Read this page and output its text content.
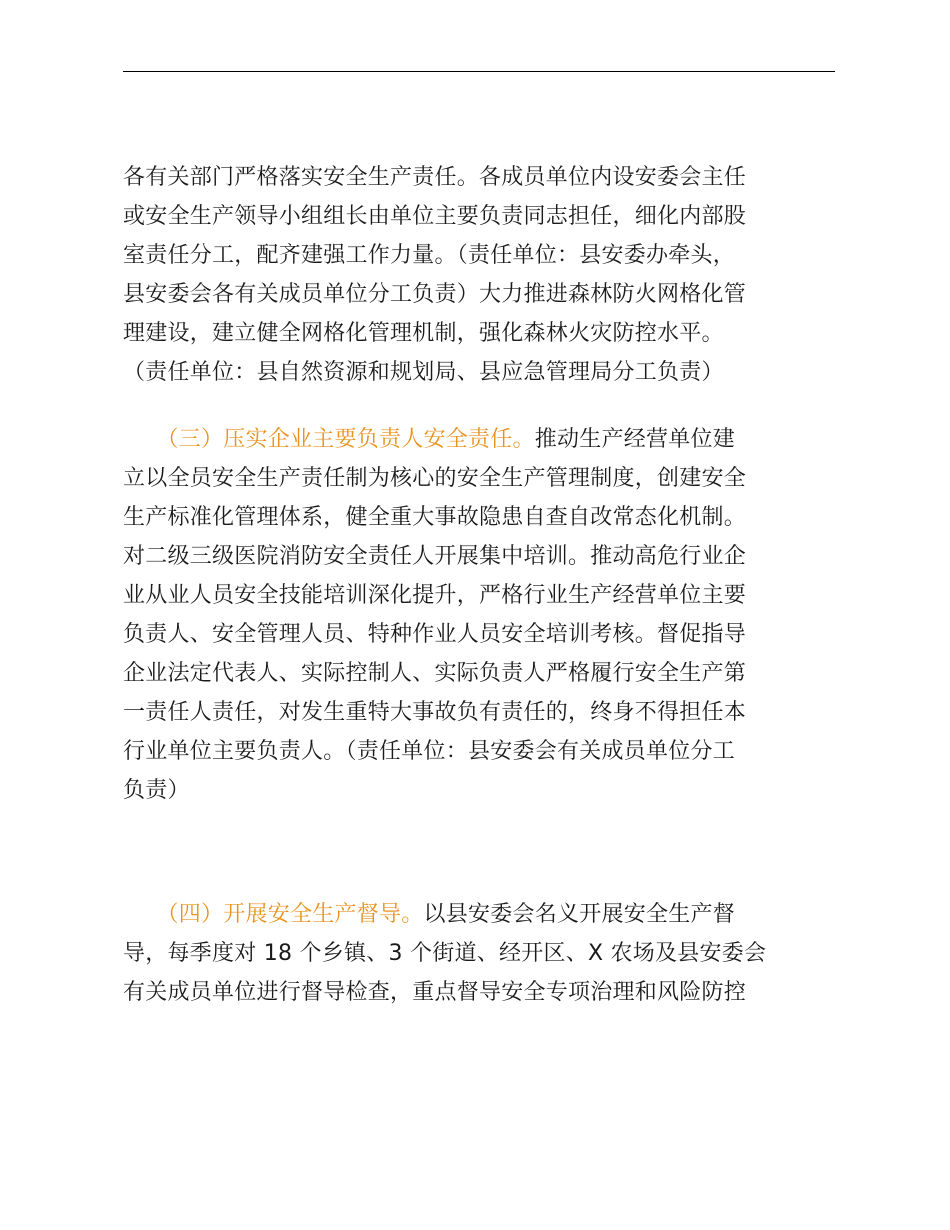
各有关部门严格落实安全生产责任。各成员单位内设安委会主任
或安全生产领导小组组长由单位主要负责同志担任，细化内部股
室责任分工，配齐建强工作力量。（责任单位：县安委办牵头，
县安委会各有关成员单位分工负责）大力推进森林防火网格化管
理建设，建立健全网格化管理机制，强化森林火灾防控水平。
（责任单位：县自然资源和规划局、县应急管理局分工负责）
　　（三）压实企业主要负责人安全责任。推动生产经营单位建
立以全员安全生产责任制为核心的安全生产管理制度，创建安全
生产标准化管理体系，健全重大事故隐患自查自改常态化机制。
对二级三级医院消防安全责任人开展集中培训。推动高危行业企
业从业人员安全技能培训深化提升，严格行业生产经营单位主要
负责人、安全管理人员、特种作业人员安全培训考核。督促指导
企业法定代表人、实际控制人、实际负责人严格履行安全生产第
一责任人责任，对发生重特大事故负有责任的，终身不得担任本
行业单位主要负责人。（责任单位：县安委会有关成员单位分工
负责）
　　（四）开展安全生产督导。以县安委会名义开展安全生产督
导，每季度对 18 个乡镇、3 个街道、经开区、X 农场及县安委会
有关成员单位进行督导检查，重点督导安全专项治理和风险防控
